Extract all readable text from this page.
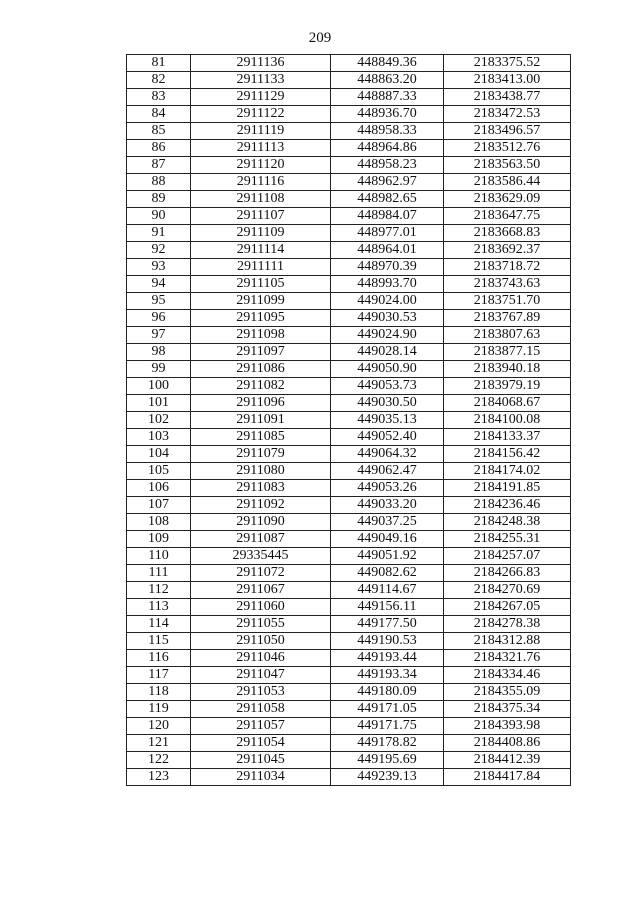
209
81	2911136	448849.36	2183375.52
82	2911133	448863.20	2183413.00
83	2911129	448887.33	2183438.77
84	2911122	448936.70	2183472.53
85	2911119	448958.33	2183496.57
86	2911113	448964.86	2183512.76
87	2911120	448958.23	2183563.50
88	2911116	448962.97	2183586.44
89	2911108	448982.65	2183629.09
90	2911107	448984.07	2183647.75
91	2911109	448977.01	2183668.83
92	2911114	448964.01	2183692.37
93	2911111	448970.39	2183718.72
94	2911105	448993.70	2183743.63
95	2911099	449024.00	2183751.70
96	2911095	449030.53	2183767.89
97	2911098	449024.90	2183807.63
98	2911097	449028.14	2183877.15
99	2911086	449050.90	2183940.18
100	2911082	449053.73	2183979.19
101	2911096	449030.50	2184068.67
102	2911091	449035.13	2184100.08
103	2911085	449052.40	2184133.37
104	2911079	449064.32	2184156.42
105	2911080	449062.47	2184174.02
106	2911083	449053.26	2184191.85
107	2911092	449033.20	2184236.46
108	2911090	449037.25	2184248.38
109	2911087	449049.16	2184255.31
110	29335445	449051.92	2184257.07
111	2911072	449082.62	2184266.83
112	2911067	449114.67	2184270.69
113	2911060	449156.11	2184267.05
114	2911055	449177.50	2184278.38
115	2911050	449190.53	2184312.88
116	2911046	449193.44	2184321.76
117	2911047	449193.34	2184334.46
118	2911053	449180.09	2184355.09
119	2911058	449171.05	2184375.34
120	2911057	449171.75	2184393.98
121	2911054	449178.82	2184408.86
122	2911045	449195.69	2184412.39
123	2911034	449239.13	2184417.84
